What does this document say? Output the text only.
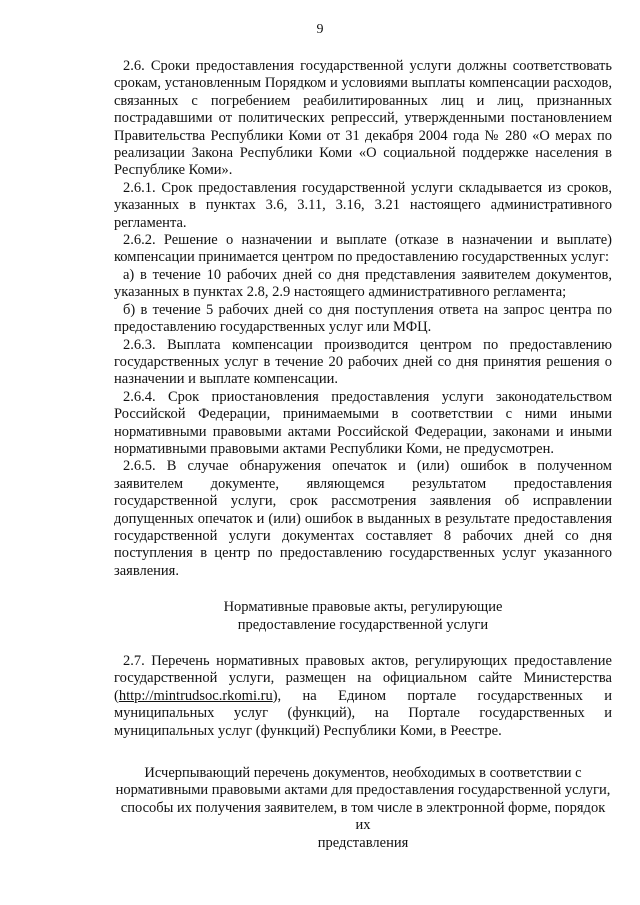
9

2.6. Сроки предоставления государственной услуги должны соответствовать срокам, установленным Порядком и условиями выплаты компенсации расходов, связанных с погребением реабилитированных лиц и лиц, признанных пострадавшими от политических репрессий, утвержденными постановлением Правительства Республики Коми от 31 декабря 2004 года № 280 «О мерах по реализации Закона Республики Коми «О социальной поддержке населения в Республике Коми».

2.6.1. Срок предоставления государственной услуги складывается из сроков, указанных в пунктах 3.6, 3.11, 3.16, 3.21 настоящего административного регламента.

2.6.2. Решение о назначении и выплате (отказе в назначении и выплате) компенсации принимается центром по предоставлению государственных услуг:

а) в течение 10 рабочих дней со дня представления заявителем документов, указанных в пунктах 2.8, 2.9 настоящего административного регламента;

б) в течение 5 рабочих дней со дня поступления ответа на запрос центра по предоставлению государственных услуг или МФЦ.

2.6.3. Выплата компенсации производится центром по предоставлению государственных услуг в течение 20 рабочих дней со дня принятия решения о назначении и выплате компенсации.

2.6.4. Срок приостановления предоставления услуги законодательством Российской Федерации, принимаемыми в соответствии с ними иными нормативными правовыми актами Российской Федерации, законами и иными нормативными правовыми актами Республики Коми, не предусмотрен.

2.6.5. В случае обнаружения опечаток и (или) ошибок в полученном заявителем документе, являющемся результатом предоставления государственной услуги, срок рассмотрения заявления об исправлении допущенных опечаток и (или) ошибок в выданных в результате предоставления государственной услуги документах составляет 8 рабочих дней со дня поступления в центр по предоставлению государственных услуг указанного заявления.

Нормативные правовые акты, регулирующие
предоставление государственной услуги

2.7. Перечень нормативных правовых актов, регулирующих предоставление государственной услуги, размещен на официальном сайте Министерства (http://mintrudsoc.rkomi.ru), на Едином портале государственных и муниципальных услуг (функций), на Портале государственных и муниципальных услуг (функций) Республики Коми, в Реестре.

Исчерпывающий перечень документов, необходимых в соответствии с
нормативными правовыми актами для предоставления государственной услуги,
способы их получения заявителем, в том числе в электронной форме, порядок их
представления
